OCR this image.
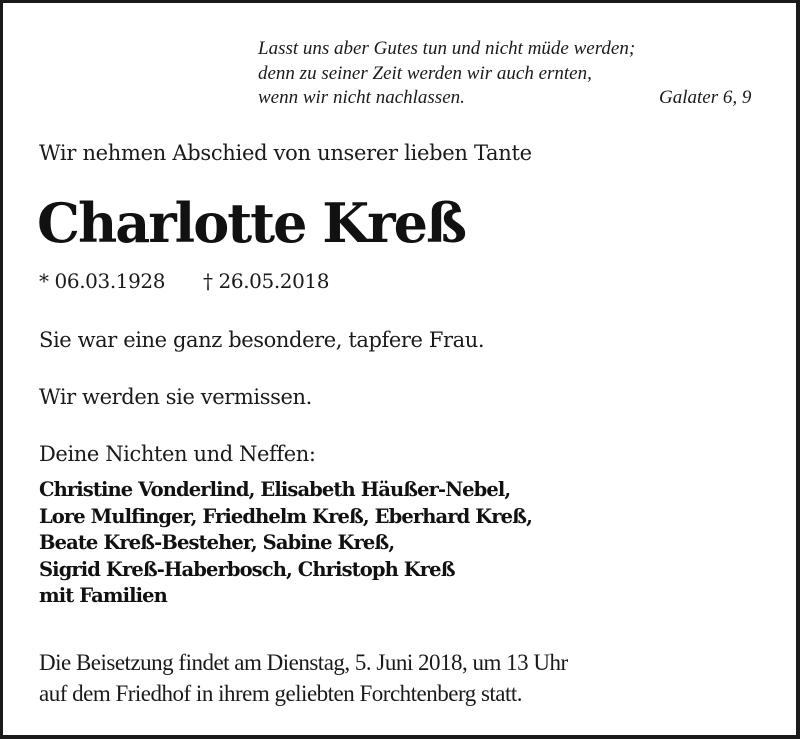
Lasst uns aber Gutes tun und nicht müde werden;
denn zu seiner Zeit werden wir auch ernten,
wenn wir nicht nachlassen.	Galater 6, 9
Wir nehmen Abschied von unserer lieben Tante
Charlotte Kreß
* 06.03.1928 † 26.05.2018
Sie war eine ganz besondere, tapfere Frau.
Wir werden sie vermissen.
Deine Nichten und Neffen:
Christine Vonderlind, Elisabeth Häußer-Nebel,
Lore Mulfinger, Friedhelm Kreß, Eberhard Kreß,
Beate Kreß-Besteher, Sabine Kreß,
Sigrid Kreß-Haberbosch, Christoph Kreß
mit Familien
Die Beisetzung findet am Dienstag, 5. Juni 2018, um 13 Uhr
auf dem Friedhof in ihrem geliebten Forchtenberg statt.
